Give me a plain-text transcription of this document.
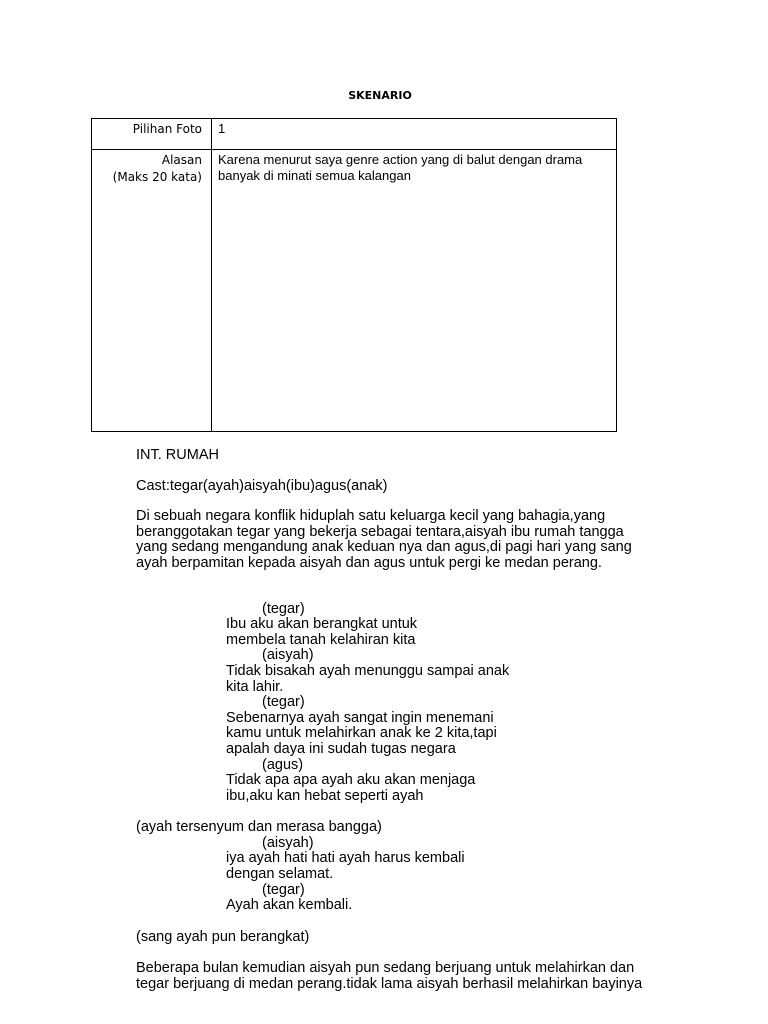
SKENARIO
Pilihan Foto	1

Alasan
(Maks 20 kata)	Karena menurut saya genre action yang di balut dengan drama
banyak di minati semua kalangan

INT. RUMAH

Cast:tegar(ayah)aisyah(ibu)agus(anak)

Di sebuah negara konflik hiduplah satu keluarga kecil yang bahagia,yang
beranggotakan tegar yang bekerja sebagai tentara,aisyah ibu rumah tangga
yang sedang mengandung anak keduan nya dan agus,di pagi hari yang sang
ayah berpamitan kepada aisyah dan agus untuk pergi ke medan perang.
(tegar)
Ibu aku akan berangkat untuk
membela tanah kelahiran kita
(aisyah)
Tidak bisakah ayah menunggu sampai anak
kita lahir.
(tegar)
Sebenarnya ayah sangat ingin menemani
kamu untuk melahirkan anak ke 2 kita,tapi
apalah daya ini sudah tugas negara
(agus)
Tidak apa apa ayah aku akan menjaga
ibu,aku kan hebat seperti ayah

(ayah tersenyum dan merasa bangga)

(aisyah)
iya ayah hati hati ayah harus kembali
dengan selamat.
(tegar)
Ayah akan kembali.

(sang ayah pun berangkat)

Beberapa bulan kemudian aisyah pun sedang berjuang untuk melahirkan dan
tegar berjuang di medan perang.tidak lama aisyah berhasil melahirkan bayinya
